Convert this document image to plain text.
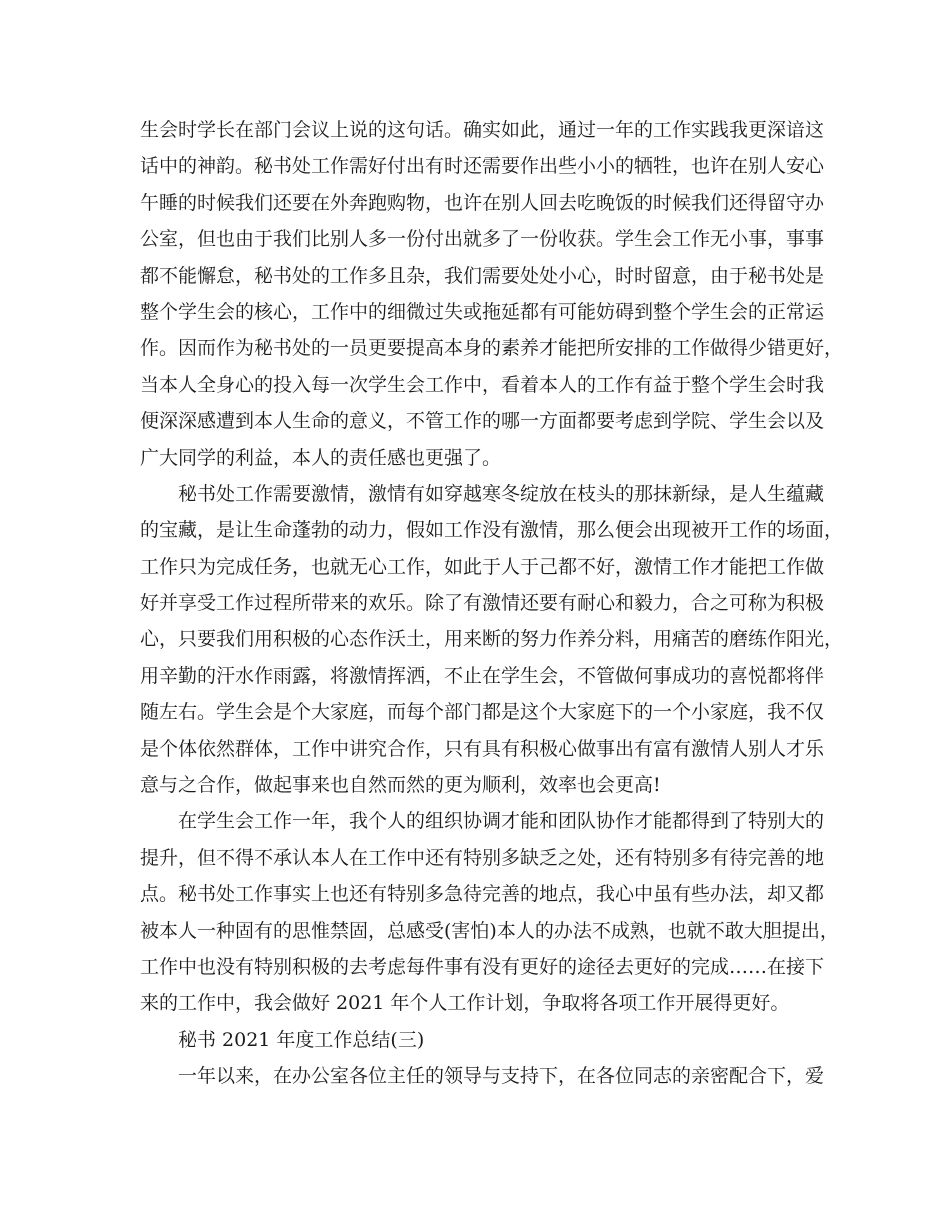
生会时学长在部门会议上说的这句话。确实如此，通过一年的工作实践我更深谙这
话中的神韵。秘书处工作需好付出有时还需要作出些小小的牺牲，也许在别人安心
午睡的时候我们还要在外奔跑购物，也许在别人回去吃晚饭的时候我们还得留守办
公室，但也由于我们比别人多一份付出就多了一份收获。学生会工作无小事，事事
都不能懈怠，秘书处的工作多且杂，我们需要处处小心，时时留意，由于秘书处是
整个学生会的核心，工作中的细微过失或拖延都有可能妨碍到整个学生会的正常运
作。因而作为秘书处的一员更要提高本身的素养才能把所安排的工作做得少错更好，
当本人全身心的投入每一次学生会工作中，看着本人的工作有益于整个学生会时我
便深深感遭到本人生命的意义，不管工作的哪一方面都要考虑到学院、学生会以及
广大同学的利益，本人的责任感也更强了。
秘书处工作需要激情，激情有如穿越寒冬绽放在枝头的那抹新绿，是人生蕴藏
的宝藏，是让生命蓬勃的动力，假如工作没有激情，那么便会出现被开工作的场面，
工作只为完成任务，也就无心工作，如此于人于己都不好，激情工作才能把工作做
好并享受工作过程所带来的欢乐。除了有激情还要有耐心和毅力，合之可称为积极
心，只要我们用积极的心态作沃土，用来断的努力作养分料，用痛苦的磨练作阳光，
用辛勤的汗水作雨露，将激情挥洒，不止在学生会，不管做何事成功的喜悦都将伴
随左右。学生会是个大家庭，而每个部门都是这个大家庭下的一个小家庭，我不仅
是个体依然群体，工作中讲究合作，只有具有积极心做事出有富有激情人别人才乐
意与之合作，做起事来也自然而然的更为顺利，效率也会更高!
在学生会工作一年，我个人的组织协调才能和团队协作才能都得到了特别大的
提升，但不得不承认本人在工作中还有特别多缺乏之处，还有特别多有待完善的地
点。秘书处工作事实上也还有特别多急待完善的地点，我心中虽有些办法，却又都
被本人一种固有的思惟禁固，总感受(害怕)本人的办法不成熟，也就不敢大胆提出，
工作中也没有特别积极的去考虑每件事有没有更好的途径去更好的完成……在接下
来的工作中，我会做好 2021 年个人工作计划，争取将各项工作开展得更好。
秘书 2021 年度工作总结(三)
一年以来，在办公室各位主任的领导与支持下，在各位同志的亲密配合下，爱
